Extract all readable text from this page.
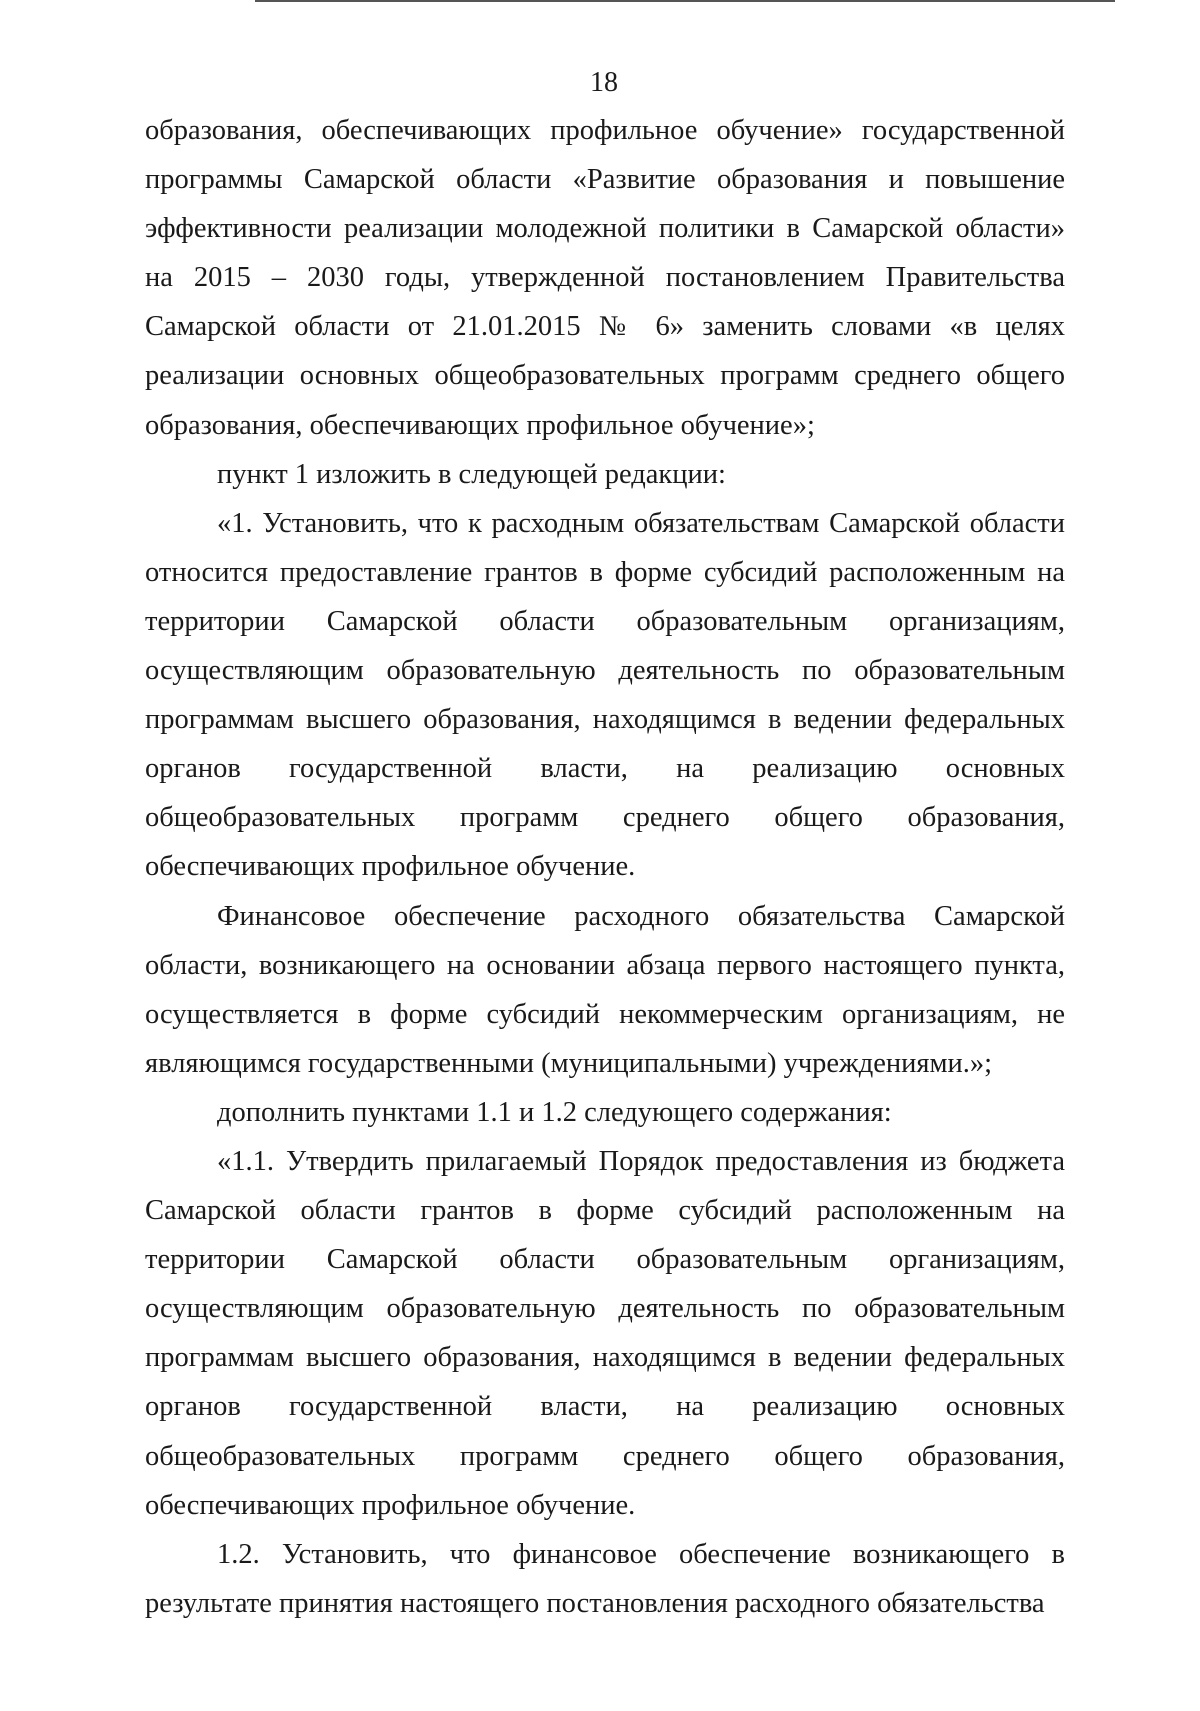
18

образования, обеспечивающих профильное обучение» государственной программы Самарской области «Развитие образования и повышение эффективности реализации молодежной политики в Самарской области» на 2015 – 2030 годы, утвержденной постановлением Правительства Самарской области от 21.01.2015 № 6» заменить словами «в целях реализации основных общеобразовательных программ среднего общего образования, обеспечивающих профильное обучение»;

пункт 1 изложить в следующей редакции:

«1. Установить, что к расходным обязательствам Самарской области относится предоставление грантов в форме субсидий расположенным на территории Самарской области образовательным организациям, осуществляющим образовательную деятельность по образовательным программам высшего образования, находящимся в ведении федеральных органов государственной власти, на реализацию основных общеобразовательных программ среднего общего образования, обеспечивающих профильное обучение.

Финансовое обеспечение расходного обязательства Самарской области, возникающего на основании абзаца первого настоящего пункта, осуществляется в форме субсидий некоммерческим организациям, не являющимся государственными (муниципальными) учреждениями.»;

дополнить пунктами 1.1 и 1.2 следующего содержания:

«1.1. Утвердить прилагаемый Порядок предоставления из бюджета Самарской области грантов в форме субсидий расположенным на территории Самарской области образовательным организациям, осуществляющим образовательную деятельность по образовательным программам высшего образования, находящимся в ведении федеральных органов государственной власти, на реализацию основных общеобразовательных программ среднего общего образования, обеспечивающих профильное обучение.

1.2. Установить, что финансовое обеспечение возникающего в результате принятия настоящего постановления расходного обязательства
